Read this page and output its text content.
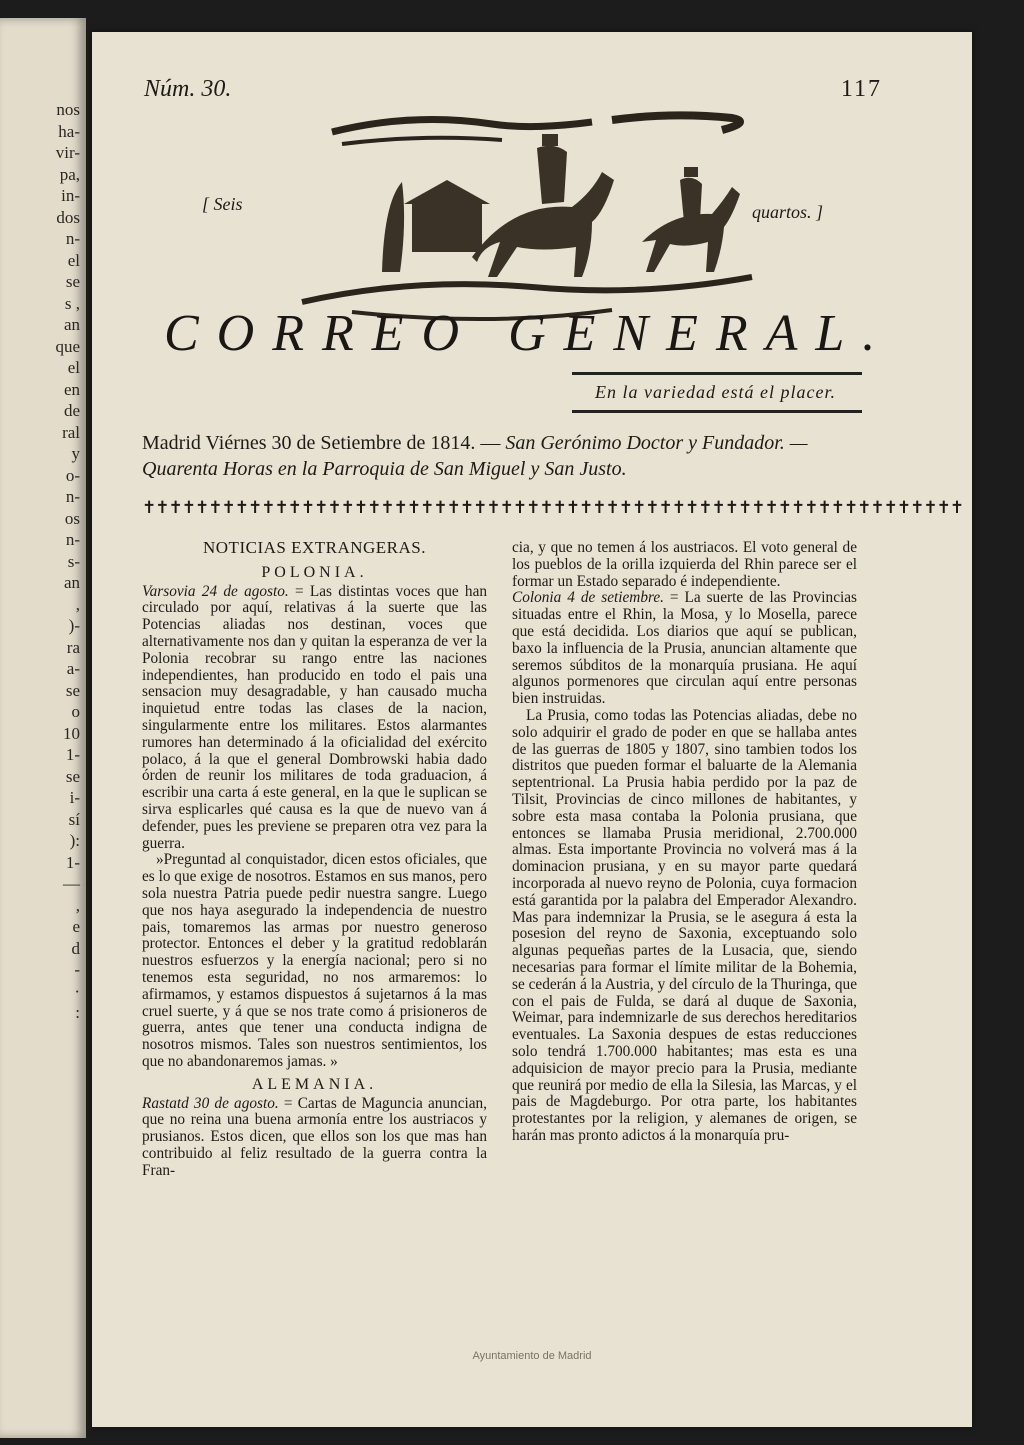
nos
ha-
vir-
pa,
in-
dos
n-
el
se
s ,
an
que
el
en
de
ral
y
o-
n-
os
n-
s-
an
,
)-
ra
a-
se
o
10
1-
se
i-
sí
):
1-
—
,
e
d
-
·
:
Núm. 30.	117
[ Seis	quartos. ]
CORREO GENERAL.
En la variedad está el placer.
Madrid Viérnes 30 de Setiembre de 1814. — San Gerónimo Doctor y Fundador. —
Quarenta Horas en la Parroquia de San Miguel y San Justo.
✝✝✝✝✝✝✝✝✝✝✝✝✝✝✝✝✝✝✝✝✝✝✝✝✝✝✝✝✝✝✝✝✝✝✝✝✝✝✝✝✝✝✝✝✝✝✝✝✝✝✝✝✝✝✝✝✝✝✝✝✝✝
NOTICIAS EXTRANGERAS.
POLONIA.

Varsovia 24 de agosto. = Las distintas voces que han circulado por aquí, relativas á la suerte que las Potencias aliadas nos destinan, voces que alternativamente nos dan y quitan la esperanza de ver la Polonia recobrar su rango entre las naciones independientes, han producido en todo el pais una sensacion muy desagradable, y han causado mucha inquietud entre todas las clases de la nacion, singularmente entre los militares. Estos alarmantes rumores han determinado á la oficialidad del exército polaco, á la que el general Dombrowski habia dado órden de reunir los militares de toda graduacion, á escribir una carta á este general, en la que le suplican se sirva esplicarles qué causa es la que de nuevo van á defender, pues les previene se preparen otra vez para la guerra.

»Preguntad al conquistador, dicen estos oficiales, que es lo que exige de nosotros. Estamos en sus manos, pero sola nuestra Patria puede pedir nuestra sangre. Luego que nos haya asegurado la independencia de nuestro pais, tomaremos las armas por nuestro generoso protector. Entonces el deber y la gratitud redoblarán nuestros esfuerzos y la energía nacional; pero si no tenemos esta seguridad, no nos armaremos: lo afirmamos, y estamos dispuestos á sujetarnos á la mas cruel suerte, y á que se nos trate como á prisioneros de guerra, antes que tener una conducta indigna de nosotros mismos. Tales son nuestros sentimientos, los que no abandonaremos jamas. »

ALEMANIA.

Rastatd 30 de agosto. = Cartas de Maguncia anuncian, que no reina una buena armonía entre los austriacos y prusianos. Estos dicen, que ellos son los que mas han contribuido al feliz resultado de la guerra contra la Fran-

cia, y que no temen á los austriacos. El voto general de los pueblos de la orilla izquierda del Rhin parece ser el formar un Estado separado é independiente.

Colonia 4 de setiembre. = La suerte de las Provincias situadas entre el Rhin, la Mosa, y lo Mosella, parece que está decidida. Los diarios que aquí se publican, baxo la influencia de la Prusia, anuncian altamente que seremos súbditos de la monarquía prusiana. He aquí algunos pormenores que circulan aquí entre personas bien instruidas.

La Prusia, como todas las Potencias aliadas, debe no solo adquirir el grado de poder en que se hallaba antes de las guerras de 1805 y 1807, sino tambien todos los distritos que pueden formar el baluarte de la Alemania septentrional. La Prusia habia perdido por la paz de Tilsit, Provincias de cinco millones de habitantes, y sobre esta masa contaba la Polonia prusiana, que entonces se llamaba Prusia meridional, 2.700.000 almas. Esta importante Provincia no volverá mas á la dominacion prusiana, y en su mayor parte quedará incorporada al nuevo reyno de Polonia, cuya formacion está garantida por la palabra del Emperador Alexandro. Mas para indemnizar la Prusia, se le asegura á esta la posesion del reyno de Saxonia, exceptuando solo algunas pequeñas partes de la Lusacia, que, siendo necesarias para formar el límite militar de la Bohemia, se cederán á la Austria, y del círculo de la Thuringa, que con el pais de Fulda, se dará al duque de Saxonia, Weimar, para indemnizarle de sus derechos hereditarios eventuales. La Saxonia despues de estas reducciones solo tendrá 1.700.000 habitantes; mas esta es una adquisicion de mayor precio para la Prusia, mediante que reunirá por medio de ella la Silesia, las Marcas, y el pais de Magdeburgo. Por otra parte, los habitantes protestantes por la religion, y alemanes de origen, se harán mas pronto adictos á la monarquía pru-

Ayuntamiento de Madrid
